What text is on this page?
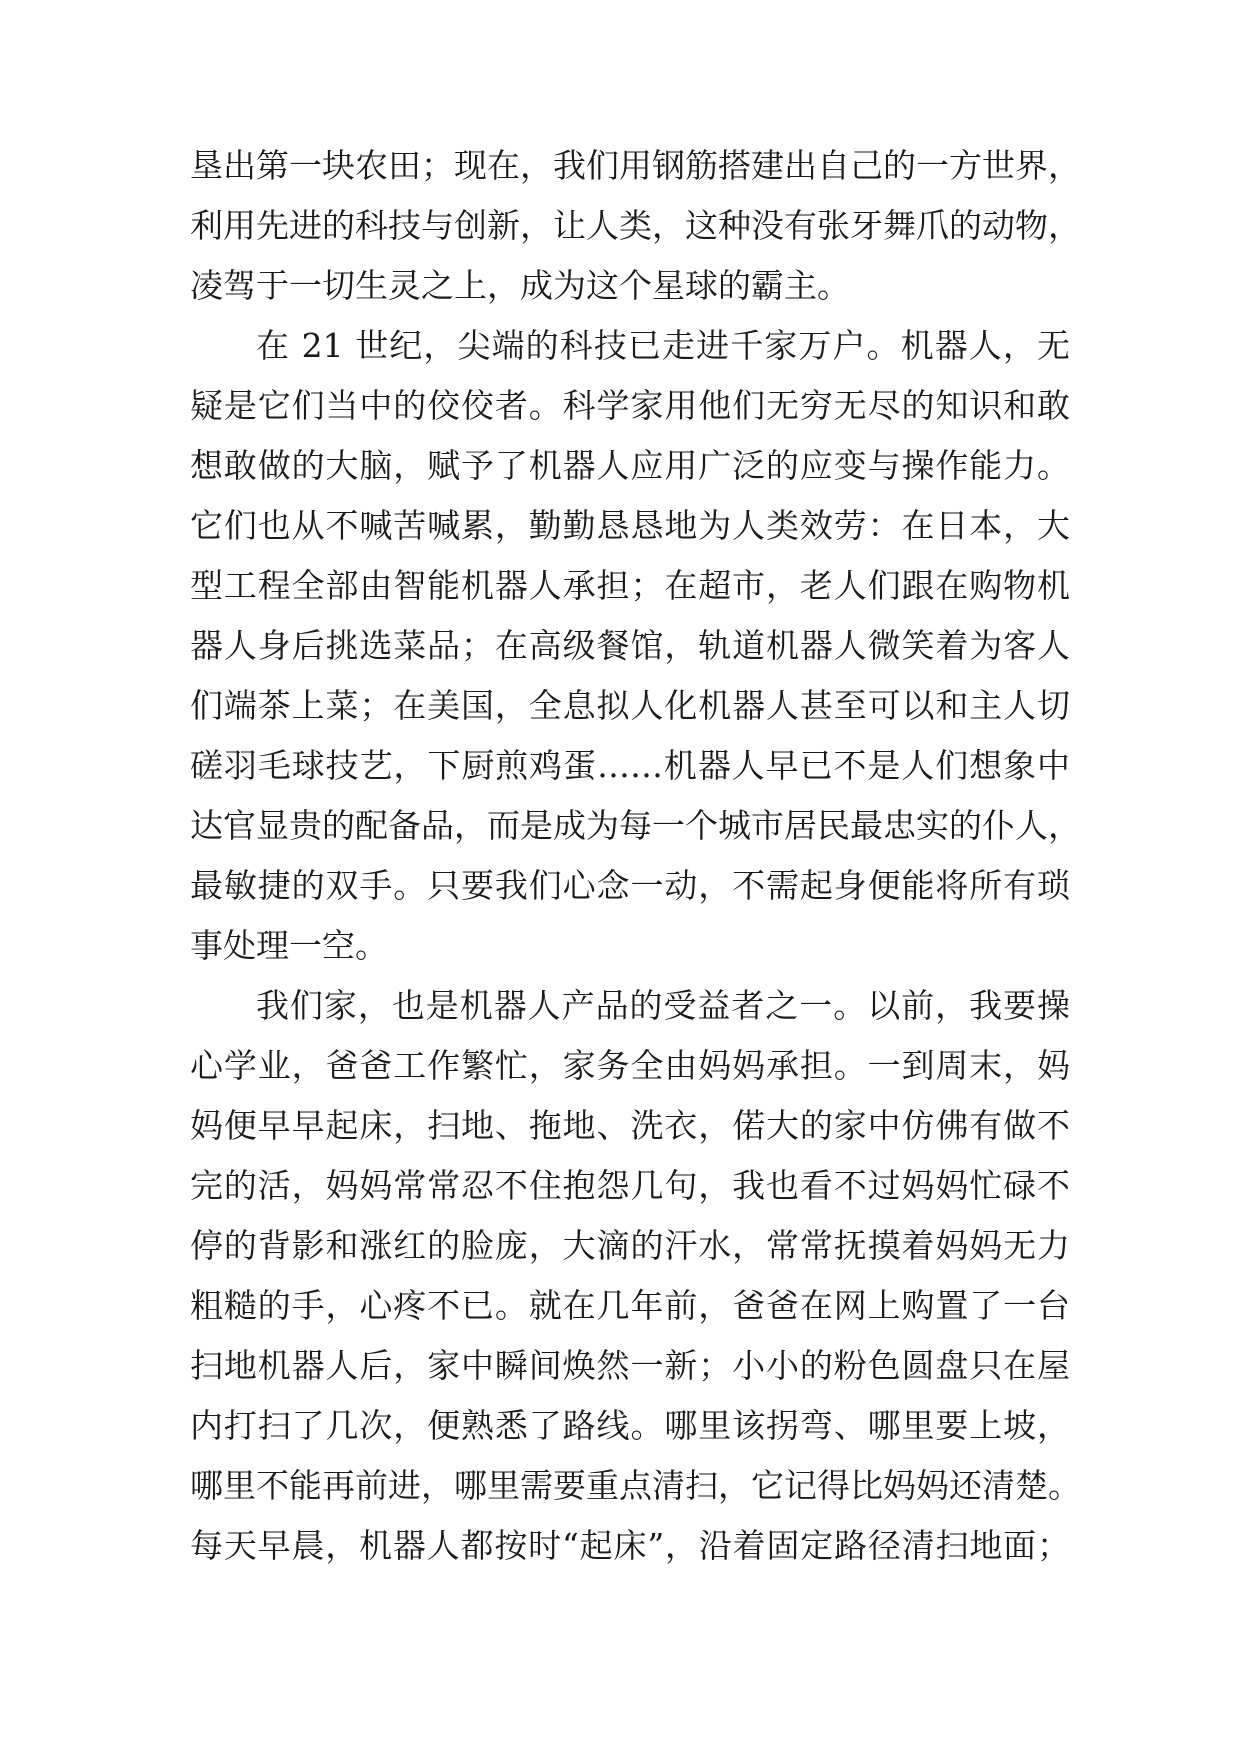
垦出第一块农田；现在，我们用钢筋搭建出自己的一方世界，
利用先进的科技与创新，让人类，这种没有张牙舞爪的动物，
凌驾于一切生灵之上，成为这个星球的霸主。
在 21 世纪，尖端的科技已走进千家万户。机器人，无
疑是它们当中的佼佼者。科学家用他们无穷无尽的知识和敢
想敢做的大脑，赋予了机器人应用广泛的应变与操作能力。
它们也从不喊苦喊累，勤勤恳恳地为人类效劳：在日本，大
型工程全部由智能机器人承担；在超市，老人们跟在购物机
器人身后挑选菜品；在高级餐馆，轨道机器人微笑着为客人
们端茶上菜；在美国，全息拟人化机器人甚至可以和主人切
磋羽毛球技艺，下厨煎鸡蛋……机器人早已不是人们想象中
达官显贵的配备品，而是成为每一个城市居民最忠实的仆人，
最敏捷的双手。只要我们心念一动，不需起身便能将所有琐
事处理一空。
我们家，也是机器人产品的受益者之一。以前，我要操
心学业，爸爸工作繁忙，家务全由妈妈承担。一到周末，妈
妈便早早起床，扫地、拖地、洗衣，偌大的家中仿佛有做不
完的活，妈妈常常忍不住抱怨几句，我也看不过妈妈忙碌不
停的背影和涨红的脸庞，大滴的汗水，常常抚摸着妈妈无力
粗糙的手，心疼不已。就在几年前，爸爸在网上购置了一台
扫地机器人后，家中瞬间焕然一新；小小的粉色圆盘只在屋
内打扫了几次，便熟悉了路线。哪里该拐弯、哪里要上坡，
哪里不能再前进，哪里需要重点清扫，它记得比妈妈还清楚。
每天早晨，机器人都按时“起床”，沿着固定路径清扫地面；
